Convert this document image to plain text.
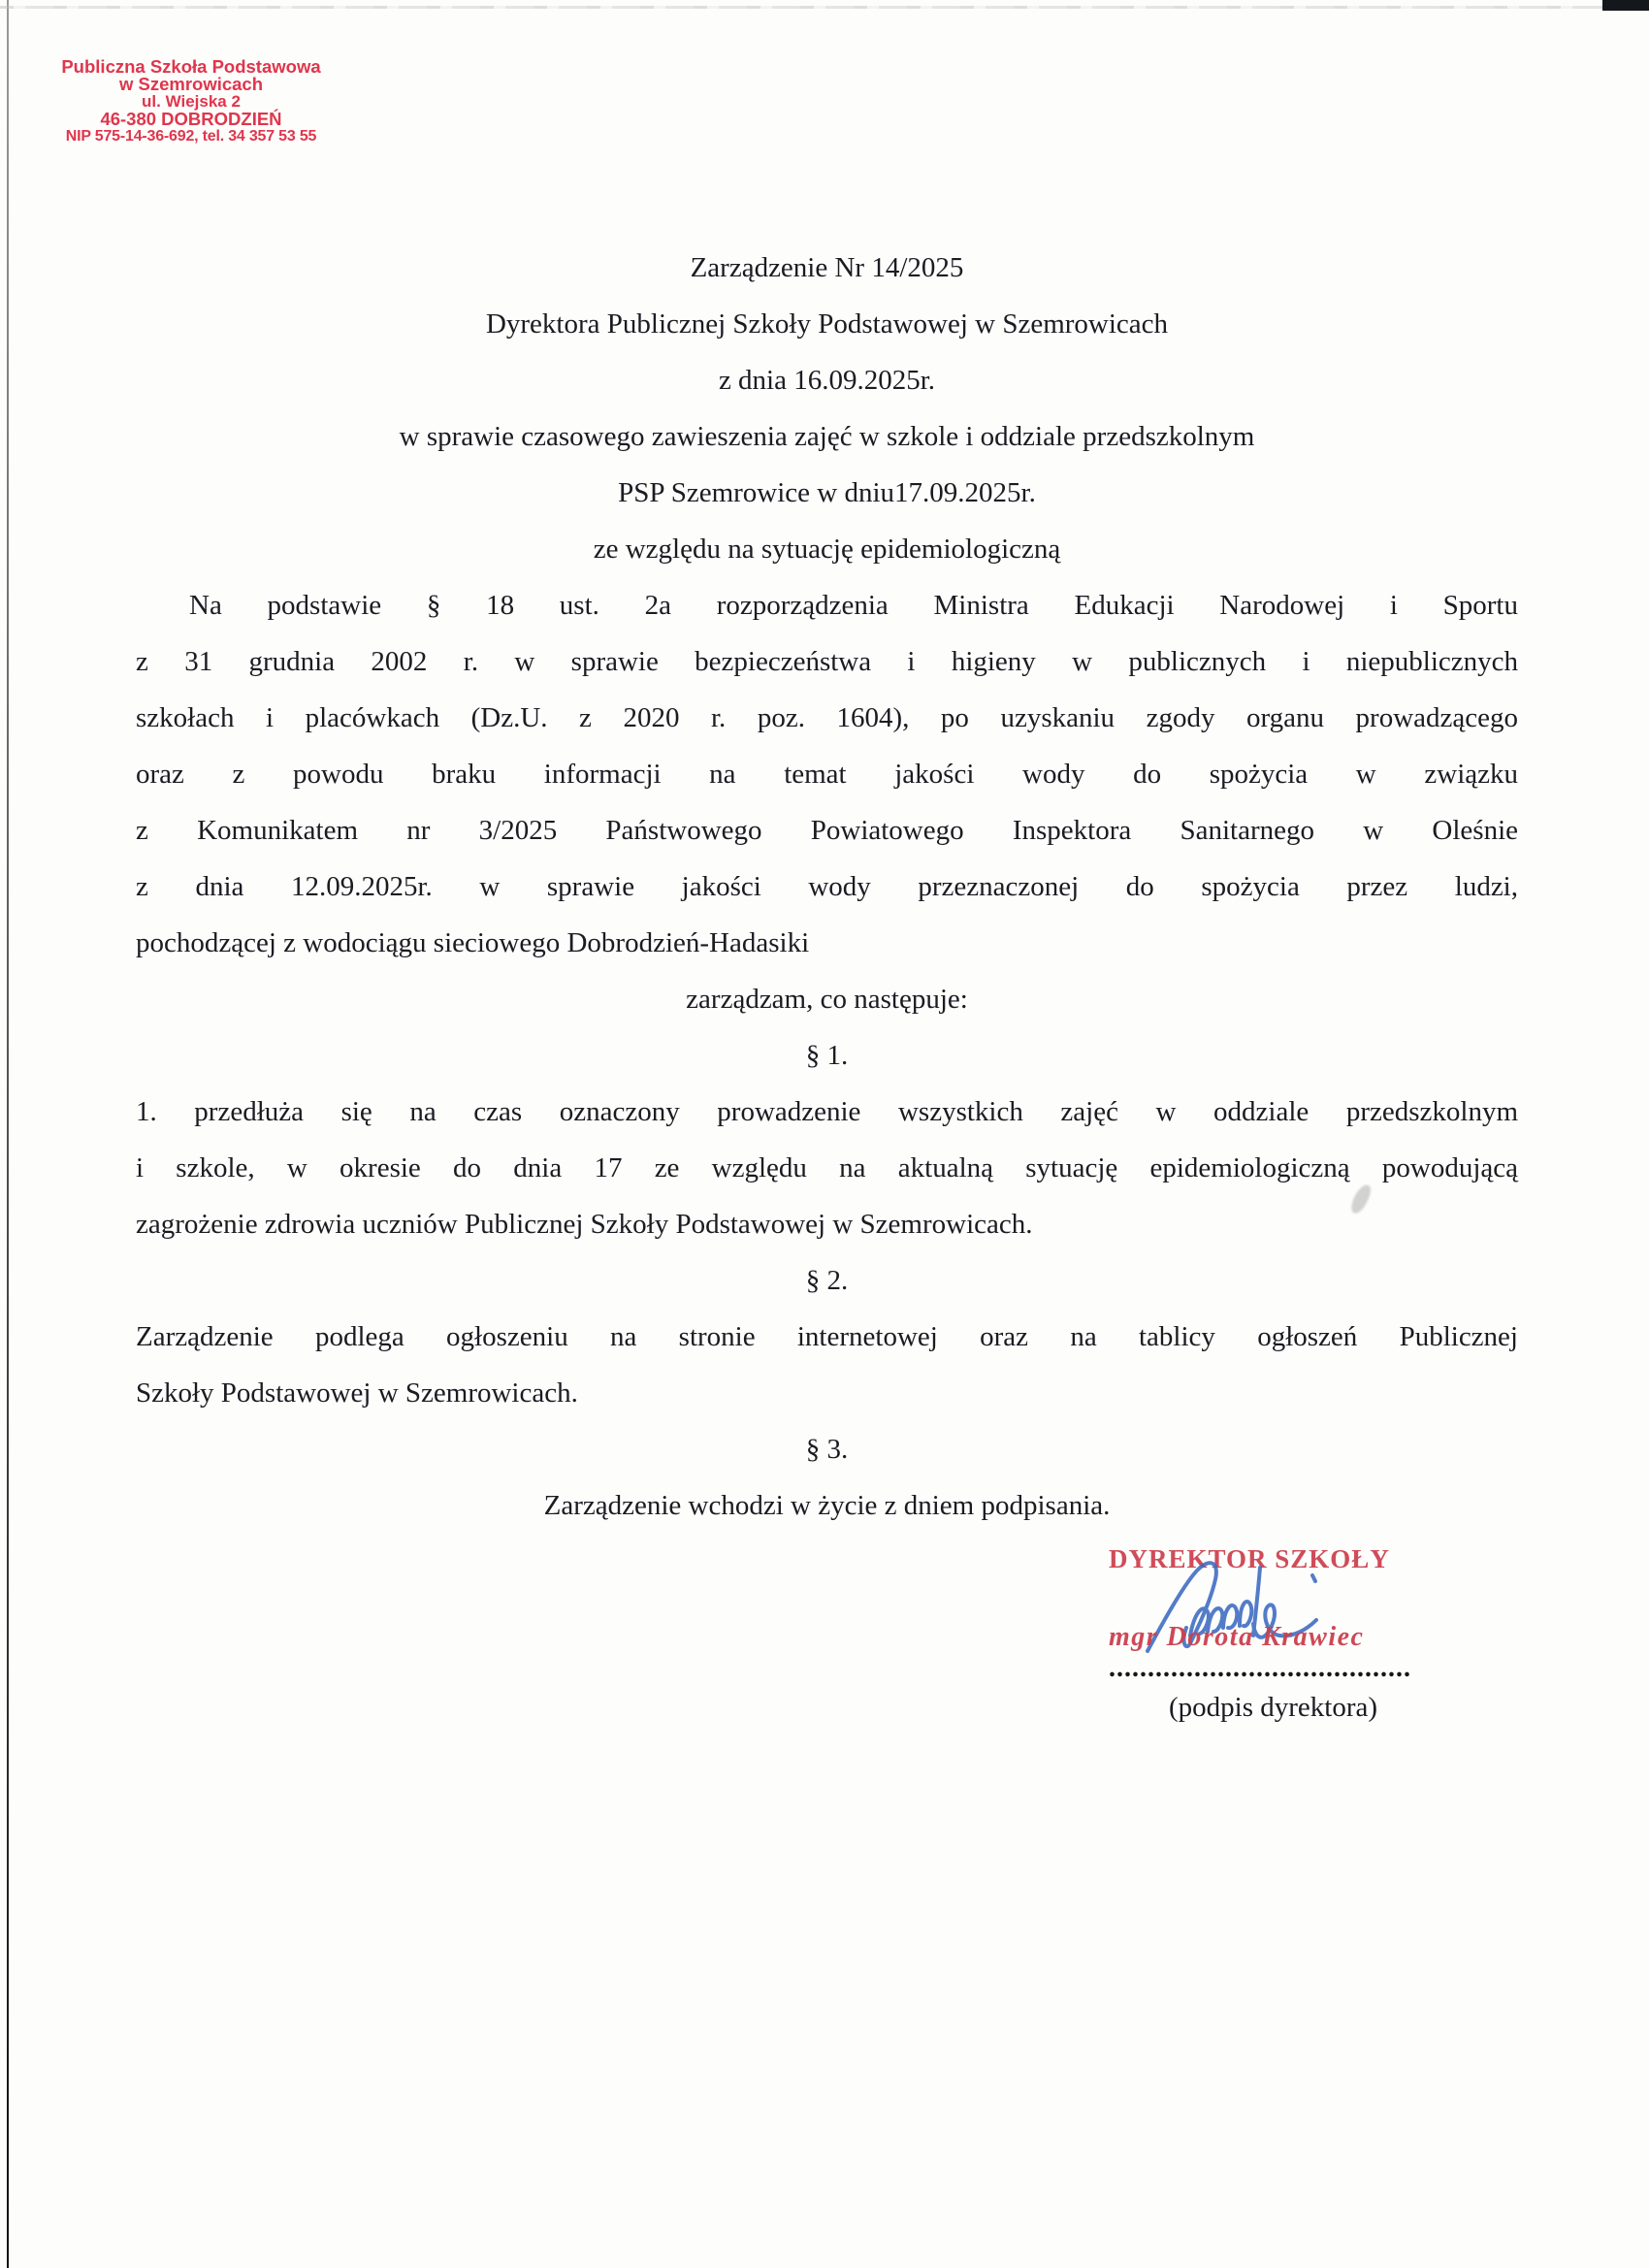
Publiczna Szkoła Podstawowa
w Szemrowicach
ul. Wiejska 2
46-380 DOBRODZIEŃ
NIP 575-14-36-692, tel. 34 357 53 55
Zarządzenie Nr 14/2025
Dyrektora Publicznej Szkoły Podstawowej w Szemrowicach
z dnia 16.09.2025r.
w sprawie czasowego zawieszenia zajęć w szkole i oddziale przedszkolnym
PSP Szemrowice w dniu17.09.2025r.
ze względu na sytuację epidemiologiczną
Na podstawie § 18 ust. 2a rozporządzenia Ministra Edukacji Narodowej i Sportu
z 31 grudnia 2002 r. w sprawie bezpieczeństwa i higieny w publicznych i niepublicznych
szkołach i placówkach (Dz.U. z 2020 r. poz. 1604), po uzyskaniu zgody organu prowadzącego
oraz z powodu braku informacji na temat jakości wody do spożycia w związku
z Komunikatem nr 3/2025 Państwowego Powiatowego Inspektora Sanitarnego w Oleśnie
z dnia 12.09.2025r. w sprawie jakości wody przeznaczonej do spożycia przez ludzi,
pochodzącej z wodociągu sieciowego Dobrodzień-Hadasiki
zarządzam, co następuje:
§ 1.
1. przedłuża się na czas oznaczony prowadzenie wszystkich zajęć w oddziale przedszkolnym
i szkole, w okresie do dnia 17 ze względu na aktualną sytuację epidemiologiczną powodującą
zagrożenie zdrowia uczniów Publicznej Szkoły Podstawowej w Szemrowicach.
§ 2.
Zarządzenie podlega ogłoszeniu na stronie internetowej oraz na tablicy ogłoszeń Publicznej
Szkoły Podstawowej w Szemrowicach.
§ 3.
Zarządzenie wchodzi w życie z dniem podpisania.
DYREKTOR SZKOŁY
mgr Dorota Krawiec
.......................................
(podpis dyrektora)
